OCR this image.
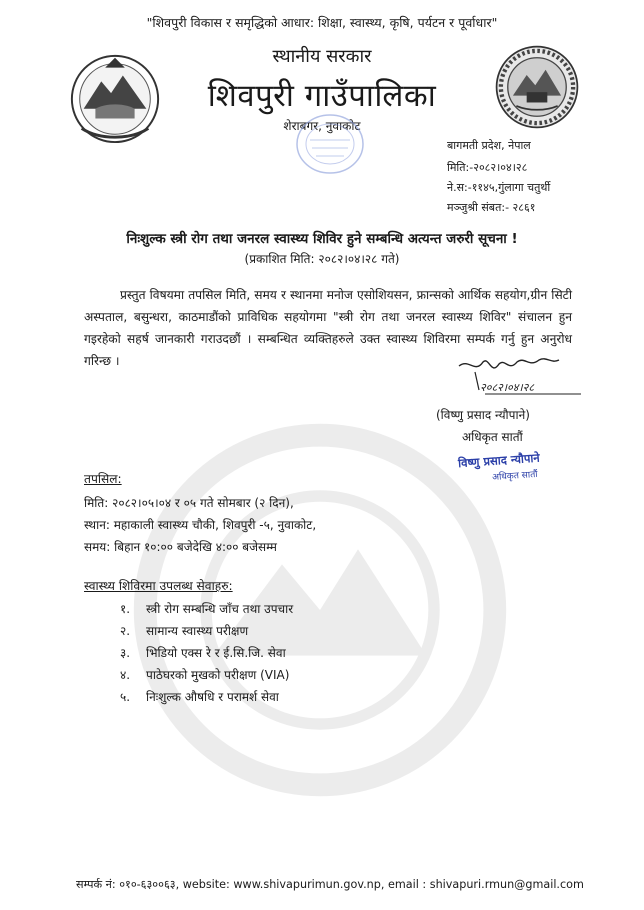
"शिवपुरी विकास र समृद्धिको आधार: शिक्षा, स्वास्थ्य, कृषि, पर्यटन र पूर्वाधार"
स्थानीय सरकार
शिवपुरी गाउँपालिका
शेराबगर, नुवाकोट
बागमती प्रदेश, नेपाल
मिति:-२०८२।०४।२८
ने.स:-११४५,गुंलागा चतुर्थी
मञ्जुश्री संबत:- २८६१
निःशुल्क स्त्री रोग तथा जनरल स्वास्थ्य शिविर हुने सम्बन्धि अत्यन्त जरुरी सूचना !
(प्रकाशित मिति: २०८२।०४।२८ गते)
प्रस्तुत विषयमा तपसिल मिति, समय र स्थानमा मनोज एसोशियसन, फ्रान्सको आर्थिक सहयोग,ग्रीन सिटी अस्पताल, बसुन्धरा, काठमाडौंको प्राविधिक सहयोगमा "स्त्री रोग तथा जनरल स्वास्थ्य शिविर" संचालन हुन गइरहेको सहर्ष जानकारी गराउदछौं । सम्बन्धित व्यक्तिहरुले उक्त स्वास्थ्य शिविरमा सम्पर्क गर्नु हुन अनुरोध गरिन्छ ।
२०८२।०४।२८
(विष्णु प्रसाद न्यौपाने)
अधिकृत सातौं
विष्णु प्रसाद न्यौपाने
अधिकृत सातौं
तपसिल:
मिति: २०८२।०५।०४ र ०५ गते सोमबार (२ दिन),
स्थान: महाकाली स्वास्थ्य चौकी, शिवपुरी -५, नुवाकोट,
समय: बिहान १०:०० बजेदेखि ४:०० बजेसम्म
स्वास्थ्य शिविरमा उपलब्ध सेवाहरु:
१. स्त्री रोग सम्बन्धि जाँच तथा उपचार
२. सामान्य स्वास्थ्य परीक्षण
३. भिडियो एक्स रे र ई.सि.जि. सेवा
४. पाठेघरको मुखको परीक्षण (VIA)
५. निःशुल्क औषधि र परामर्श सेवा
सम्पर्क नं: ०१०-६३००६३, website: www.shivapurimun.gov.np, email : shivapuri.rmun@gmail.com
